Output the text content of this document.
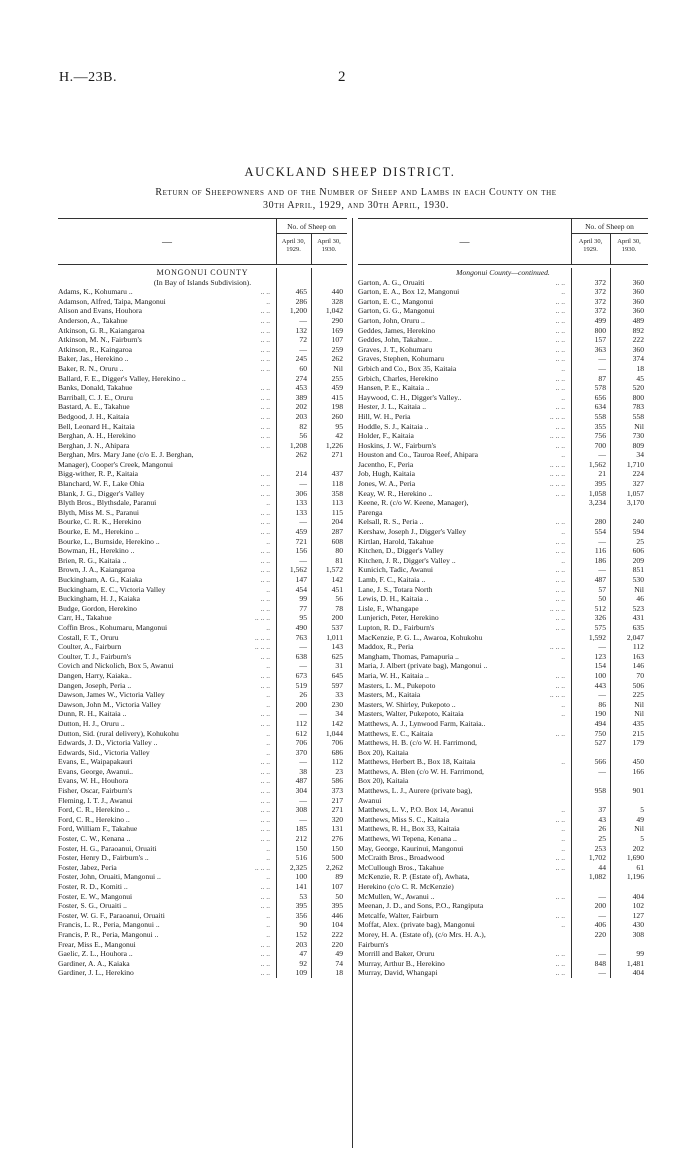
H.—23B.	2
AUCKLAND SHEEP DISTRICT.
Return of Sheepowners and of the Number of Sheep and Lambs in each County on the
30th April, 1929, and 30th April, 1930.
—
No. of Sheep on
April 30,
1929.
April 30,
1930.
MONGONUI COUNTY
(In Bay of Islands Subdivision).
Adams, K., Kohumaru ..	.. ..	465	440
Adamson, Alfred, Taipa, Mangonui	..	286	328
Alison and Evans, Houhora	.. ..	1,200	1,042
Anderson, A., Takahue	.. ..	—	290
Atkinson, G. R., Kaiangaroa	.. ..	132	169
Atkinson, M. N., Fairburn's	.. ..	72	107
Atkinson, R., Kaingaroa	.. ..	—	259
Baker, Jas., Herekino ..	.. ..	245	262
Baker, R. N., Oruru ..	.. ..	60	Nil
Ballard, F. E., Digger's Valley, Herekino ..	274	255
Banks, Donald, Takahue	.. ..	453	459
Barriball, C. J. E., Oruru	.. ..	389	415
Bastard, A. E., Takahue	.. ..	202	198
Bedgood, J. H., Kaitaia	.. ..	203	260
Bell, Leonard H., Kaitaia	.. ..	82	95
Berghan, A. H., Herekino	.. ..	56	42
Berghan, J. N., Ahipara	.. ..	1,208	1,226
Berghan, Mrs. Mary Jane (c/o E. J. Berghan,	262	271
Manager), Cooper's Creek, Mangonui
Bigg-wither, R. P., Kaitaia	.. ..	214	437
Blanchard, W. F., Lake Ohia	.. ..	—	118
Blank, J. G., Digger's Valley	.. ..	306	358
Blyth Bros., Blythsdale, Paranui	..	133	113
Blyth, Miss M. S., Paranui	.. ..	133	115
Bourke, C. R. K., Herekino	.. ..	—	204
Bourke, E. M., Herekino ..	.. ..	459	287
Bourke, L., Burnside, Herekino ..	..	721	608
Bowman, H., Herekino ..	.. ..	156	80
Brien, R. G., Kaitaia ..	.. ..	—	81
Brown, J. A., Kaiangaroa	.. ..	1,562	1,572
Buckingham, A. G., Kaiaka	.. ..	147	142
Buckingham, E. C., Victoria Valley	..	454	451
Buckingham, H. J., Kaiaka	.. ..	99	56
Budge, Gordon, Herekino	.. ..	77	78
Carr, H., Takahue	.. .. ..	95	200
Coffin Bros., Kohumaru, Mangonui	..	490	537
Costall, F. T., Oruru	.. .. ..	763	1,011
Coulter, A., Fairburn	.. .. ..	—	143
Coulter, T. J., Fairburn's	.. ..	638	625
Covich and Nickolich, Box 5, Awanui	..	—	31
Dangen, Harry, Kaiaka..	.. ..	673	645
Dangen, Joseph, Peria ..	.. ..	519	597
Dawson, James W., Victoria Valley	..	26	33
Dawson, John M., Victoria Valley	..	200	230
Dunn, R. H., Kaitaia ..	.. ..	—	34
Dutton, H. J., Oruru ..	.. ..	112	142
Dutton, Sid. (rural delivery), Kohukohu	..	612	1,044
Edwards, J. D., Victoria Valley ..	..	706	706
Edwards, Sid., Victoria Valley	..	370	686
Evans, E., Waipapakauri	.. ..	—	112
Evans, George, Awanui..	.. ..	38	23
Evans, W. H., Houhora	.. ..	487	586
Fisher, Oscar, Fairburn's	.. ..	304	373
Fleming, I. T. J., Awanui	.. ..	—	217
Ford, C. R., Herekino ..	.. ..	308	271
Ford, C. R., Herekino ..	.. ..	—	320
Ford, William F., Takahue	.. ..	185	131
Foster, C. W., Kenana ..	.. ..	212	276
Foster, H. G., Paraoanui, Oruaiti	..	150	150
Foster, Henry D., Fairburn's ..	..	516	500
Foster, Jabez, Peria	.. .. ..	2,325	2,262
Foster, John, Oruaiti, Mangonui ..	..	100	89
Foster, R. D., Komiti ..	.. ..	141	107
Foster, E. W., Mangonui	.. ..	53	50
Foster, S. G., Oruaiti ..	.. ..	395	395
Foster, W. G. F., Paraoanui, Oruaiti	..	356	446
Francis, L. R., Peria, Mangonui ..	..	90	104
Francis, P. R., Peria, Mangonui ..	..	152	222
Frear, Miss E., Mangonui	.. ..	203	220
Gaelic, Z. L., Houhora ..	.. ..	47	49
Gardiner, A. A., Kaiaka	.. ..	92	74
Gardiner, J. L., Herekino	.. ..	109	18
—
No. of Sheep on
April 30,
1929.
April 30,
1930.
Mongonui County—continued.
Garton, A. G., Oruaiti	.. ..	372	360
Garton, E. A., Box 12, Mangonui	..	372	360
Garton, E. C., Mangonui	.. ..	372	360
Garton, G. G., Mangonui	.. ..	372	360
Garton, John, Oruru ..	.. ..	499	489
Geddes, James, Herekino	.. ..	800	892
Geddes, John, Takahue..	.. ..	157	222
Graves, J. T., Kohumaru	.. ..	363	360
Graves, Stephen, Kohumaru	.. ..	—	374
Grbich and Co., Box 35, Kaitaia	..	—	18
Grbich, Charles, Herekino	.. ..	87	45
Hansen, P. E., Kaitaia ..	.. ..	578	520
Haywood, C. H., Digger's Valley..	..	656	800
Hester, J. L., Kaitaia ..	.. ..	634	783
Hill, W. H., Peria	.. .. ..	558	558
Hoddle, S. J., Kaitaia ..	.. ..	355	Nil
Holder, F., Kaitaia	.. .. ..	756	730
Hoskins, J. W., Fairburn's	.. ..	700	809
Houston and Co., Tauroa Reef, Ahipara	..	—	34
Jacentho, F., Peria	.. .. ..	1,562	1,710
Job, Hugh, Kaitaia	.. .. ..	21	224
Jones, W. A., Peria	.. .. ..	395	327
Keay, W. R., Herekino ..	.. ..	1,058	1,057
Keene, R. (c/o W. Keene, Manager),	3,234	3,170
Parenga
Kelsall, R. S., Peria ..	.. ..	280	240
Kershaw, Joseph J., Digger's Valley	..	554	594
Kirtlan, Harold, Takahue	.. ..	—	25
Kitchen, D., Digger's Valley	.. ..	116	606
Kitchen, J. R., Digger's Valley ..	..	186	209
Kunicich, Tadic, Awanui	.. ..	—	851
Lamb, F. C., Kaitaia ..	.. ..	487	530
Lane, J. S., Totara North	.. ..	57	Nil
Lewis, D. H., Kaitaia ..	.. ..	50	46
Lisle, F., Whangape	.. .. ..	512	523
Lunjerich, Peter, Herekino	.. ..	326	431
Lupton, R. D., Fairburn's	.. ..	575	635
MacKenzie, P. G. L., Awaroa, Kohukohu	1,592	2,047
Maddox, R., Peria	.. .. ..	—	112
Mangham, Thomas, Pamapuria ..	..	123	163
Maria, J. Albert (private bag), Mangonui ..	154	146
Maria, W. H., Kaitaia ..	.. ..	100	70
Masters, L. M., Pukepoto	.. ..	443	506
Masters, M., Kaitaia	.. .. ..	—	225
Masters, W. Shirley, Pukepoto ..	..	86	Nil
Masters, Walter, Pukepoto, Kaitaia	..	190	Nil
Matthews, A. J., Lynwood Farm, Kaitaia..	494	435
Matthews, E. C., Kaitaia	.. ..	750	215
Matthews, H. B. (c/o W. H. Farrimond,	527	179
Box 20), Kaitaia
Matthews, Herbert B., Box 18, Kaitaia	..	566	450
Matthews, A. Blen (c/o W. H. Farrimond,	—	166
Box 20), Kaitaia
Matthews, L. J., Aurere (private bag),	958	901
Awanui
Matthews, L. V., P.O. Box 14, Awanui	..	37	5
Matthews, Miss S. C., Kaitaia	.. ..	43	49
Matthews, R. H., Box 33, Kaitaia	..	26	Nil
Matthews, Wi Tepena, Kenana ..	..	25	5
May, George, Kaurinui, Mangonui	..	253	202
McCraith Bros., Broadwood	.. ..	1,702	1,690
McCullough Bros., Takahue	.. ..	44	61
McKenzie, R. P. (Estate of), Awhata,	1,082	1,196
Herekino (c/o C. R. McKenzie)
McMullen, W., Awanui ..	.. ..	—	404
Meenan, J. D., and Sons, P.O., Rangiputa	200	102
Metcalfe, Walter, Fairburn	.. ..	—	127
Moffat, Alex. (private bag), Mangonui	..	406	430
Morey, H. A. (Estate of), (c/o Mrs. H. A.),	220	308
Fairburn's
Morrill and Baker, Oruru	.. ..	—	99
Murray, Arthur B., Herekino	.. ..	848	1,481
Murray, David, Whangapi	.. ..	—	404
